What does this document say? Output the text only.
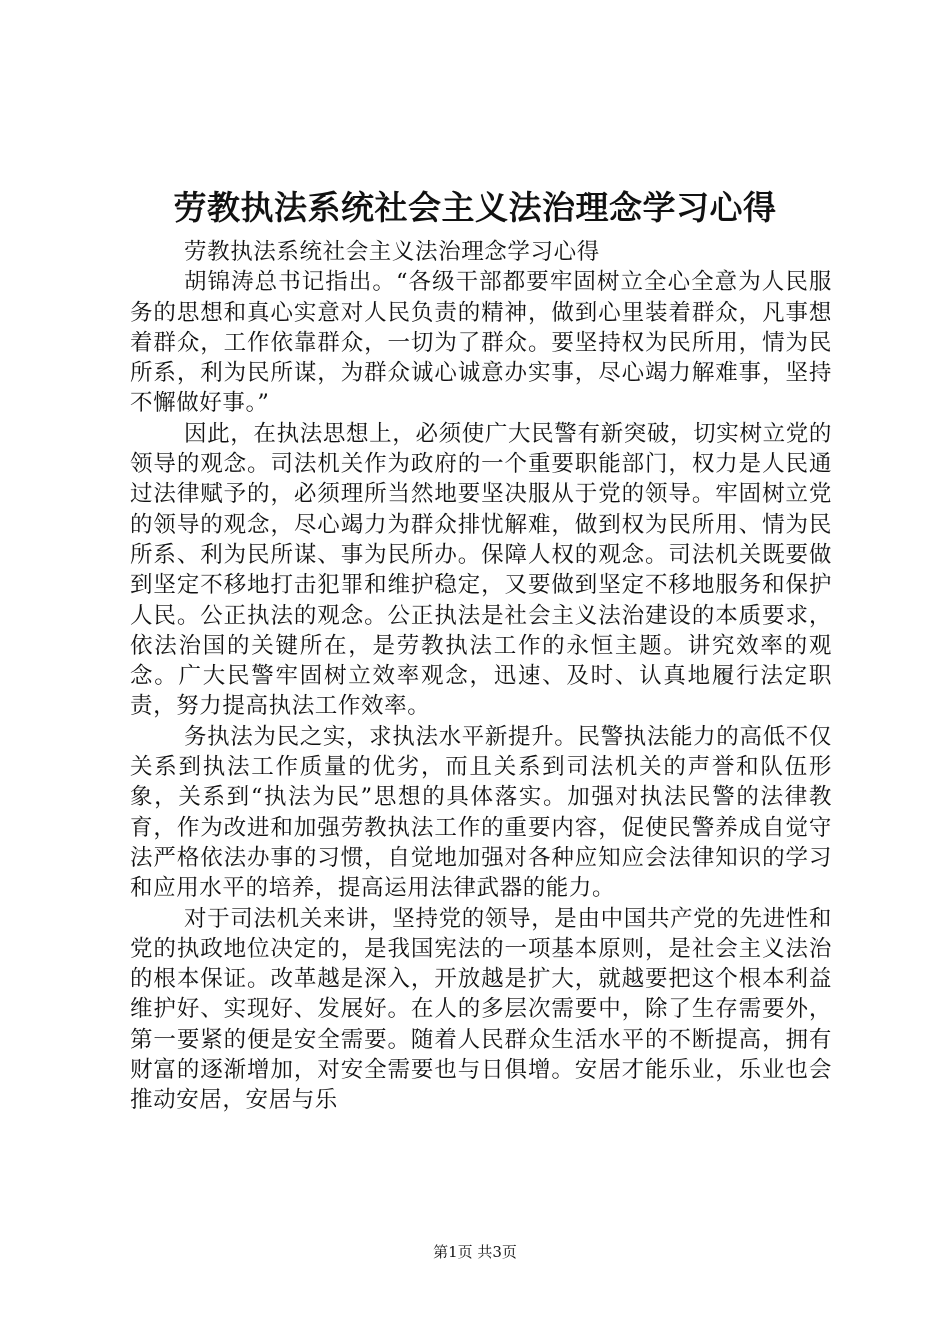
劳教执法系统社会主义法治理念学习心得

劳教执法系统社会主义法治理念学习心得

胡锦涛总书记指出。“各级干部都要牢固树立全心全意为人民服务的思想和真心实意对人民负责的精神，做到心里装着群众，凡事想着群众，工作依靠群众，一切为了群众。要坚持权为民所用，情为民所系，利为民所谋，为群众诚心诚意办实事，尽心竭力解难事，坚持不懈做好事。”

因此，在执法思想上，必须使广大民警有新突破，切实树立党的领导的观念。司法机关作为政府的一个重要职能部门，权力是人民通过法律赋予的，必须理所当然地要坚决服从于党的领导。牢固树立党的领导的观念，尽心竭力为群众排忧解难，做到权为民所用、情为民所系、利为民所谋、事为民所办。保障人权的观念。司法机关既要做到坚定不移地打击犯罪和维护稳定，又要做到坚定不移地服务和保护人民。公正执法的观念。公正执法是社会主义法治建设的本质要求，依法治国的关键所在，是劳教执法工作的永恒主题。讲究效率的观念。广大民警牢固树立效率观念，迅速、及时、认真地履行法定职责，努力提高执法工作效率。

务执法为民之实，求执法水平新提升。民警执法能力的高低不仅关系到执法工作质量的优劣，而且关系到司法机关的声誉和队伍形象，关系到“执法为民”思想的具体落实。加强对执法民警的法律教育，作为改进和加强劳教执法工作的重要内容，促使民警养成自觉守法严格依法办事的习惯，自觉地加强对各种应知应会法律知识的学习和应用水平的培养，提高运用法律武器的能力。

对于司法机关来讲，坚持党的领导，是由中国共产党的先进性和党的执政地位决定的，是我国宪法的一项基本原则，是社会主义法治的根本保证。改革越是深入，开放越是扩大，就越要把这个根本利益维护好、实现好、发展好。在人的多层次需要中，除了生存需要外，第一要紧的便是安全需要。随着人民群众生活水平的不断提高，拥有财富的逐渐增加，对安全需要也与日俱增。安居才能乐业，乐业也会推动安居，安居与乐

第1页 共3页
